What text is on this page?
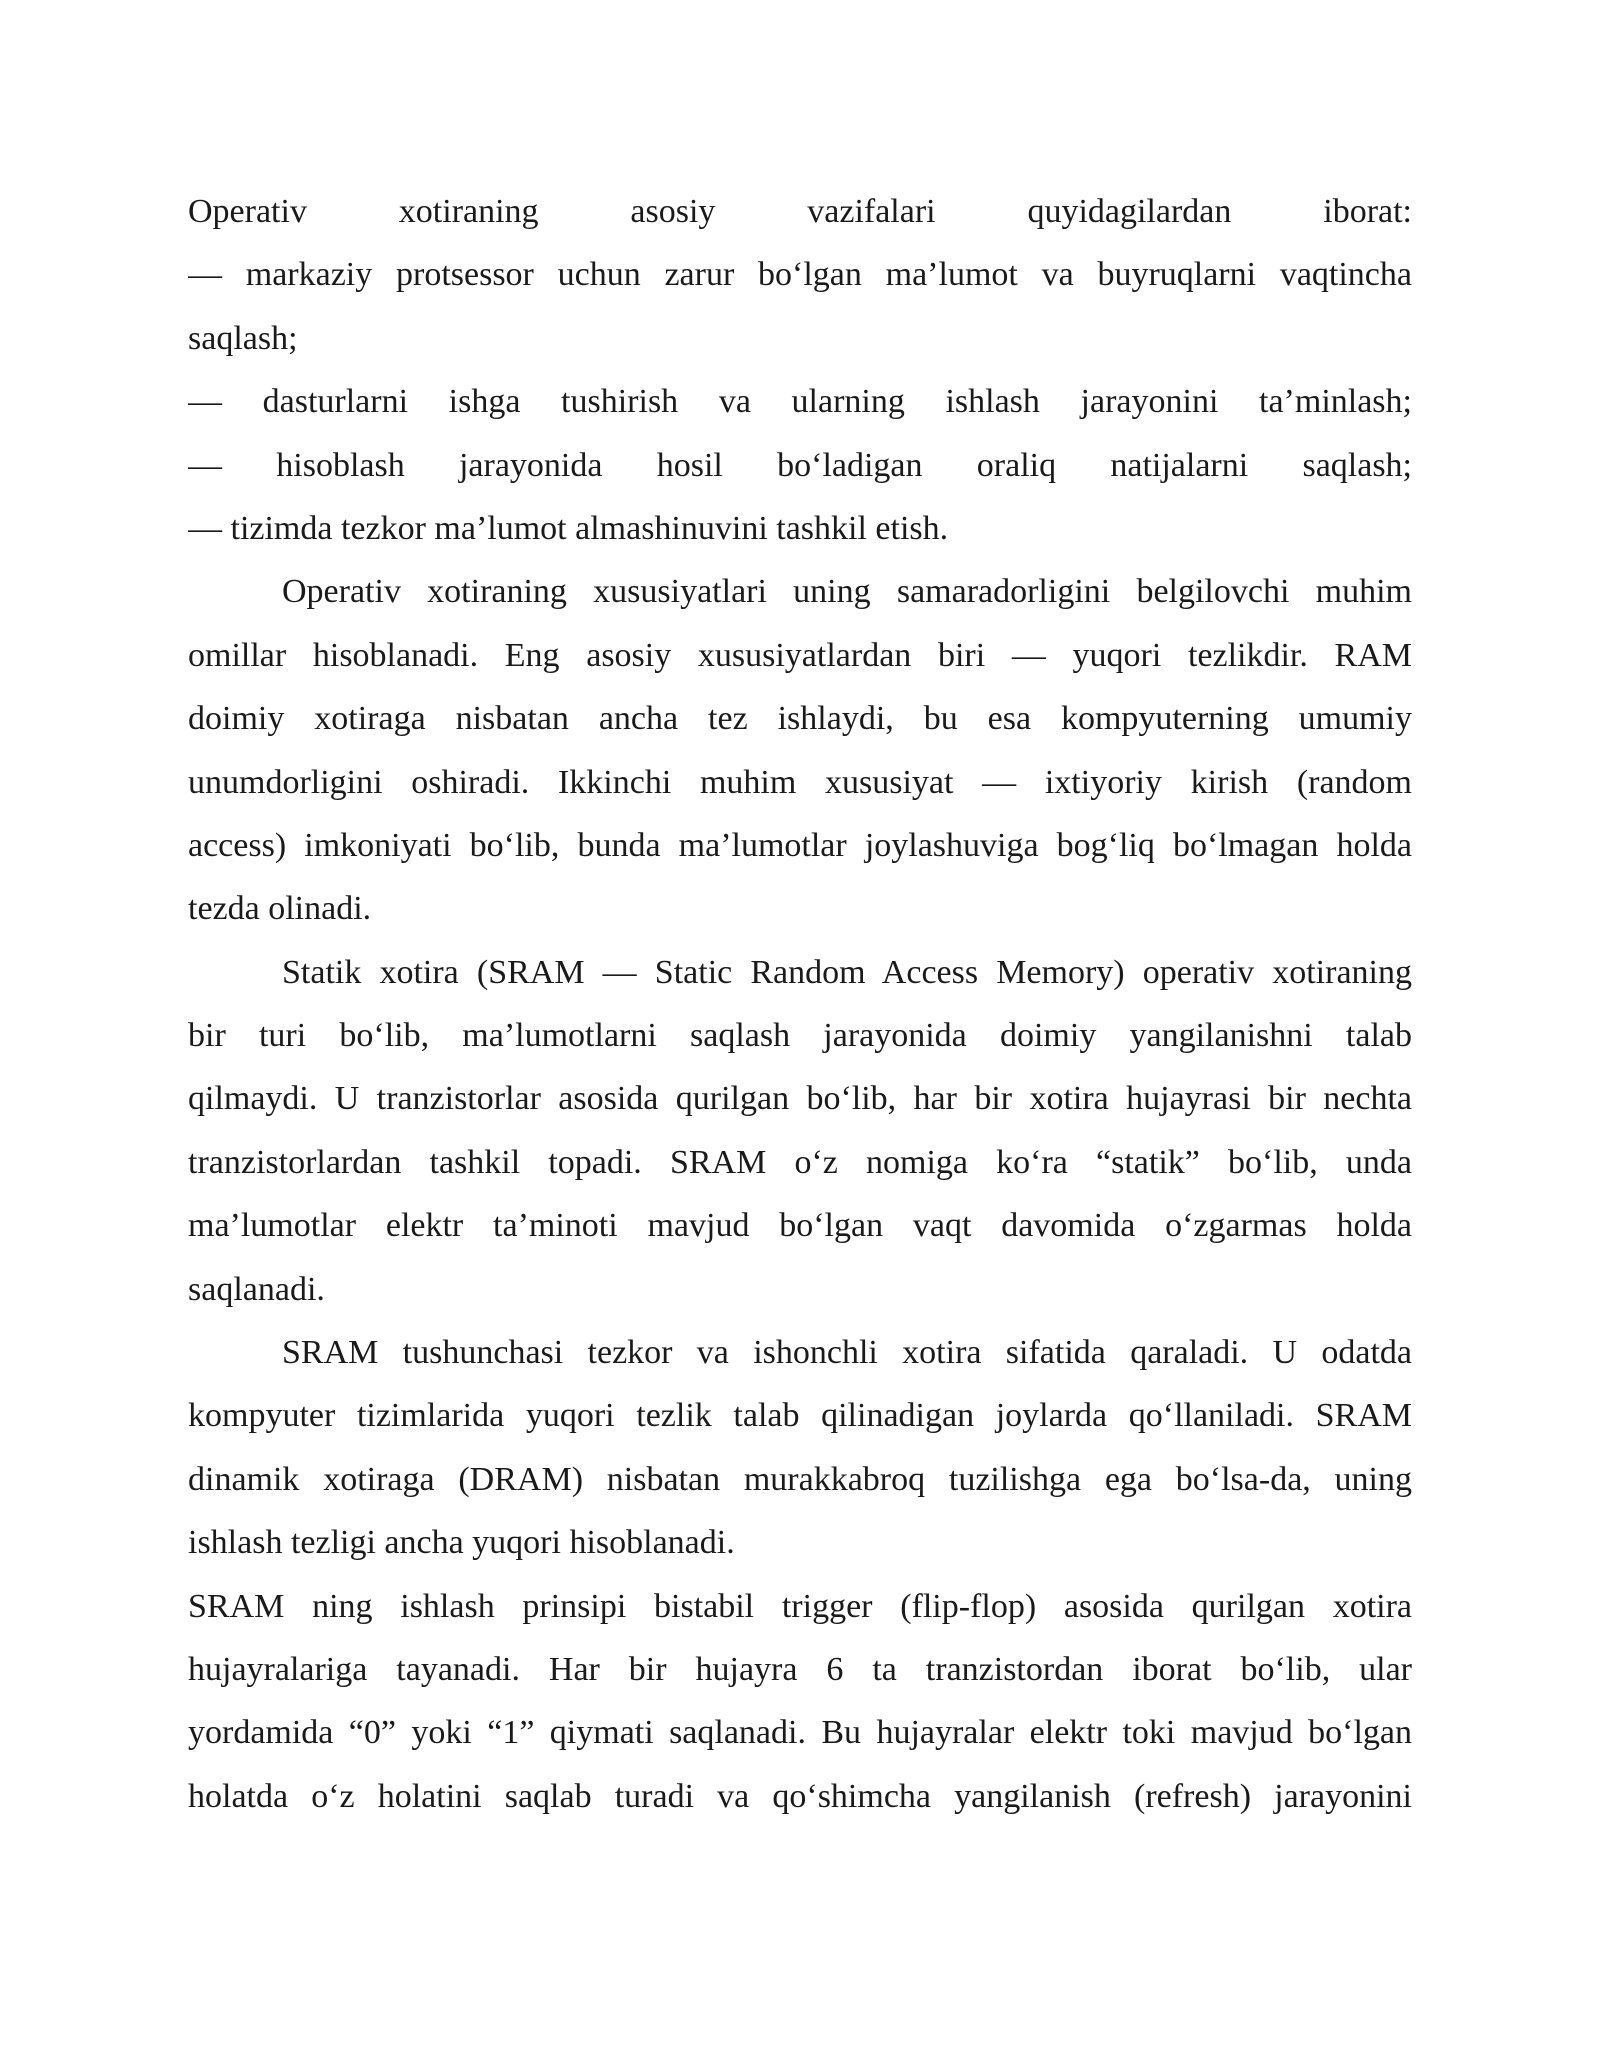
Operativ xotiraning asosiy vazifalari quyidagilardan iborat:
— markaziy protsessor uchun zarur bo‘lgan ma’lumot va buyruqlarni vaqtincha
saqlash;
— dasturlarni ishga tushirish va ularning ishlash jarayonini ta’minlash;
— hisoblash jarayonida hosil bo‘ladigan oraliq natijalarni saqlash;
— tizimda tezkor ma’lumot almashinuvini tashkil etish.
Operativ xotiraning xususiyatlari uning samaradorligini belgilovchi muhim
omillar hisoblanadi. Eng asosiy xususiyatlardan biri — yuqori tezlikdir. RAM
doimiy xotiraga nisbatan ancha tez ishlaydi, bu esa kompyuterning umumiy
unumdorligini oshiradi. Ikkinchi muhim xususiyat — ixtiyoriy kirish (random
access) imkoniyati bo‘lib, bunda ma’lumotlar joylashuviga bog‘liq bo‘lmagan holda
tezda olinadi.
Statik xotira (SRAM — Static Random Access Memory) operativ xotiraning
bir turi bo‘lib, ma’lumotlarni saqlash jarayonida doimiy yangilanishni talab
qilmaydi. U tranzistorlar asosida qurilgan bo‘lib, har bir xotira hujayrasi bir nechta
tranzistorlardan tashkil topadi. SRAM o‘z nomiga ko‘ra “statik” bo‘lib, unda
ma’lumotlar elektr ta’minoti mavjud bo‘lgan vaqt davomida o‘zgarmas holda
saqlanadi.
SRAM tushunchasi tezkor va ishonchli xotira sifatida qaraladi. U odatda
kompyuter tizimlarida yuqori tezlik talab qilinadigan joylarda qo‘llaniladi. SRAM
dinamik xotiraga (DRAM) nisbatan murakkabroq tuzilishga ega bo‘lsa-da, uning
ishlash tezligi ancha yuqori hisoblanadi.
SRAM ning ishlash prinsipi bistabil trigger (flip-flop) asosida qurilgan xotira
hujayralariga tayanadi. Har bir hujayra 6 ta tranzistordan iborat bo‘lib, ular
yordamida “0” yoki “1” qiymati saqlanadi. Bu hujayralar elektr toki mavjud bo‘lgan
holatda o‘z holatini saqlab turadi va qo‘shimcha yangilanish (refresh) jarayonini
